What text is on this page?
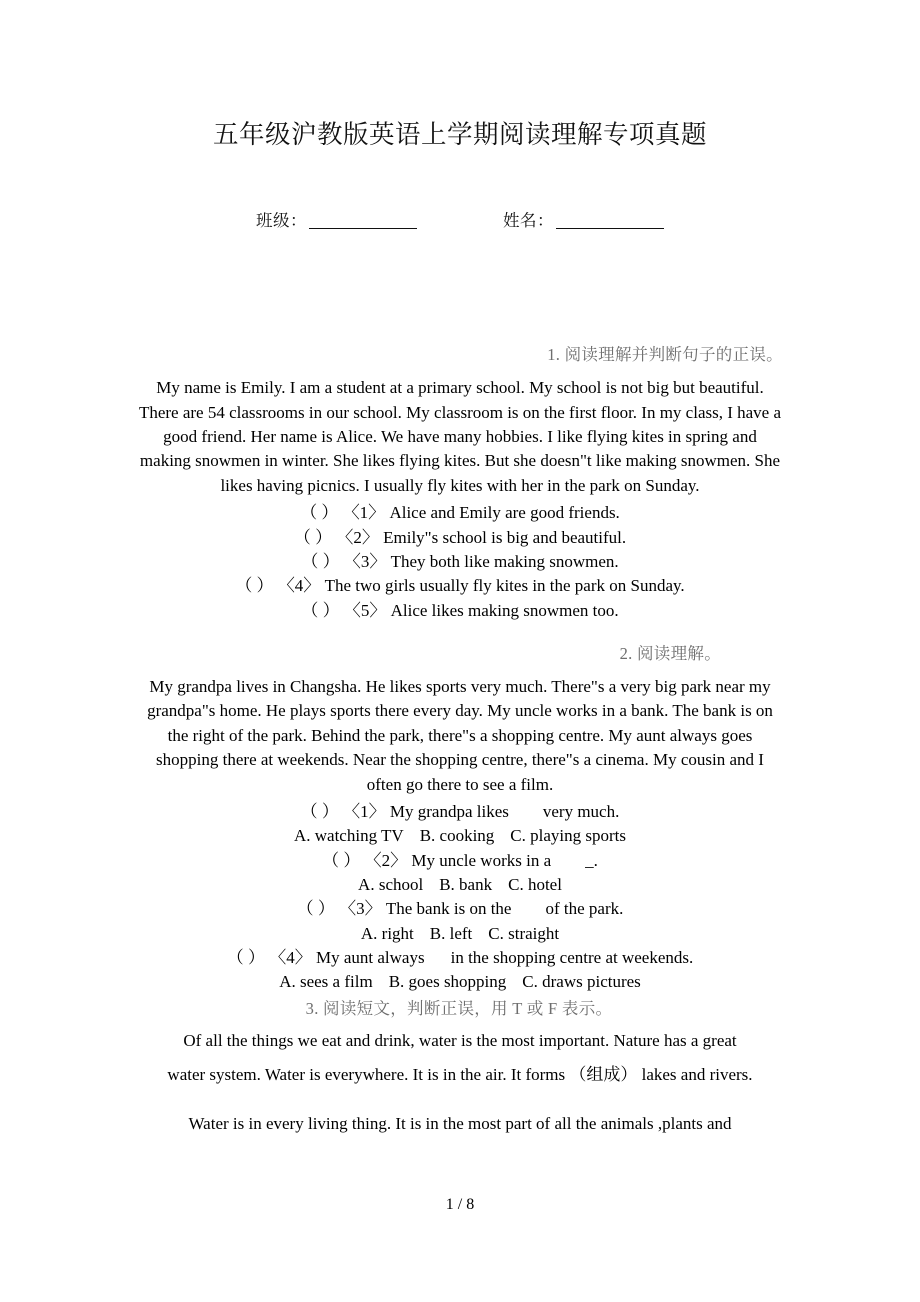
五年级沪教版英语上学期阅读理解专项真题
班级：	姓名：
1. 阅读理解并判断句子的正误。
My name is Emily. I am a student at a primary school. My school is not big but beautiful. There are 54 classrooms in our school. My classroom is on the first floor. In my class, I have a good friend. Her name is Alice. We have many hobbies. I like flying kites in spring and making snowmen in winter. She likes flying kites. But she doesn"t like making snowmen. She likes having picnics. I usually fly kites with her in the park on Sunday.
（ ） 〈1〉 Alice and Emily are good friends.
（ ） 〈2〉 Emily"s school is big and beautiful.
（ ） 〈3〉 They both like making snowmen.
（ ） 〈4〉 The two girls usually fly kites in the park on Sunday.
（ ） 〈5〉 Alice likes making snowmen too.
2. 阅读理解。
My grandpa lives in Changsha. He likes sports very much. There"s a very big park near my grandpa"s home. He plays sports there every day. My uncle works in a bank. The bank is on the right of the park. Behind the park, there"s a shopping centre. My aunt always goes shopping there at weekends. Near the shopping centre, there"s a cinema. My cousin and I often go there to see a film.
（ ） 〈1〉 My grandpa likes very much.
A. watching TV B. cooking C. playing sports
（ ） 〈2〉 My uncle works in a _.
A. school B. bank C. hotel
（ ） 〈3〉 The bank is on the of the park.
A. right B. left C. straight
（ ） 〈4〉 My aunt always in the shopping centre at weekends.
A. sees a film B. goes shopping C. draws pictures
3. 阅读短文，判断正误，用 T 或 F 表示。
Of all the things we eat and drink, water is the most important. Nature has a great
water system. Water is everywhere. It is in the air. It forms （组成） lakes and rivers.
Water is in every living thing. It is in the most part of all the animals ,plants and
1 / 8
